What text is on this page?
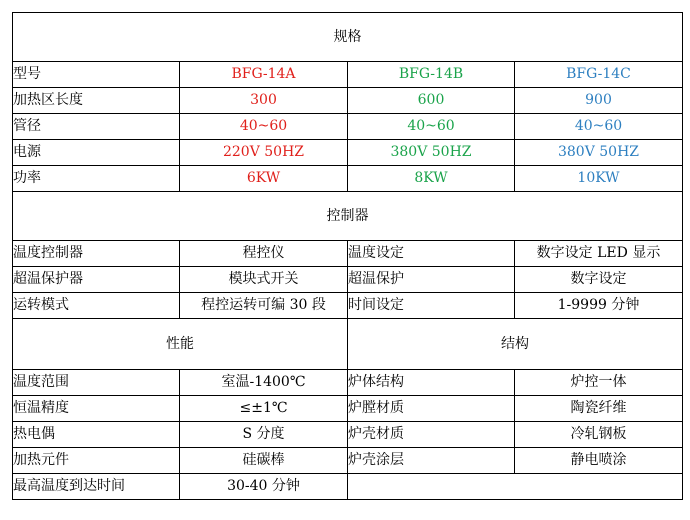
规格			
型号	BFG-14A	BFG-14B	BFG-14C
加热区长度	300	600	900
管径	40~60	40~60	40~60
电源	220V 50HZ	380V 50HZ	380V 50HZ
功率	6KW	8KW	10KW
控制器			
温度控制器	程控仪	温度设定	数字设定 LED 显示
超温保护器	模块式开关	超温保护	数字设定
运转模式	程控运转可编 30 段	时间设定	1-9999 分钟
性能		结构	
温度范围	室温-1400℃	炉体结构	炉控一体
恒温精度	≤±1℃	炉膛材质	陶瓷纤维
热电偶	S 分度	炉壳材质	冷轧钢板
加热元件	硅碳棒	炉壳涂层	静电喷涂
最高温度到达时间	30-40 分钟		
